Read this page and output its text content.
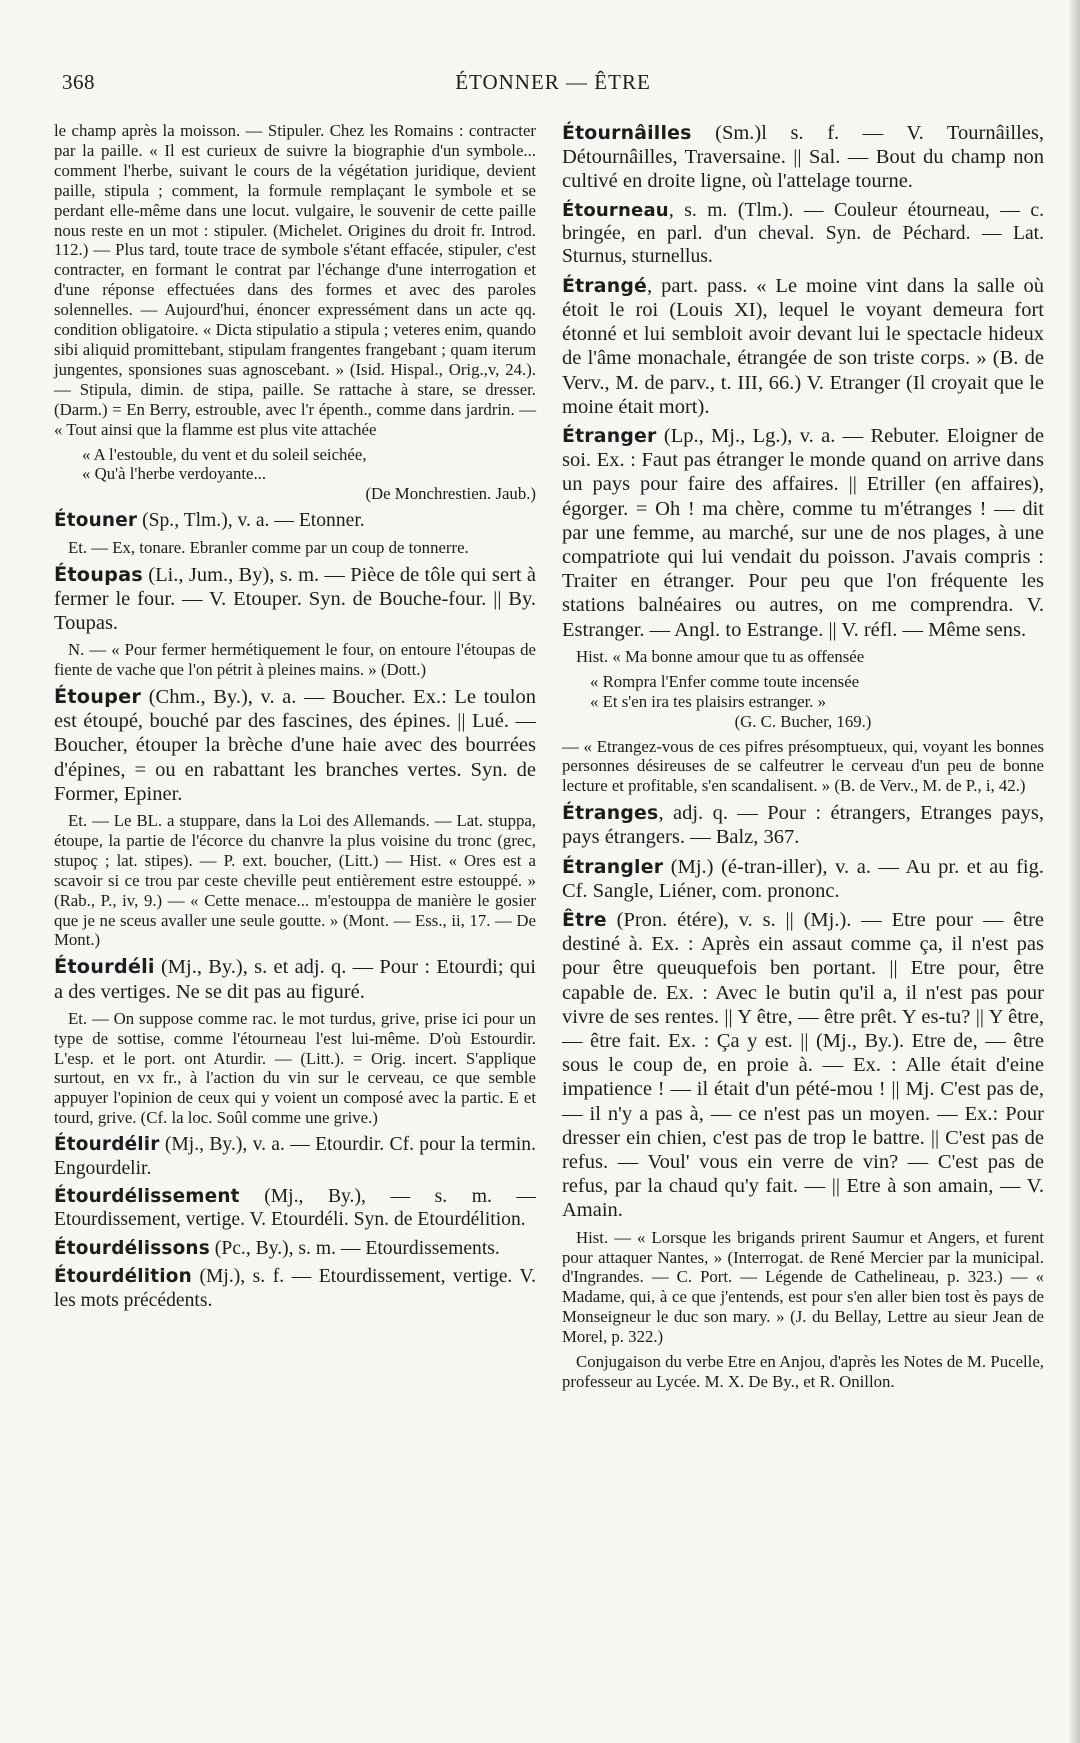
368	ÉTONNER — ÊTRE

le champ après la moisson. — Stipuler. Chez les Romains : contracter par la paille. « Il est curieux de suivre la biographie d'un symbole... comment l'herbe, suivant le cours de la végétation juridique, devient paille, stipula ; comment, la formule remplaçant le symbole et se perdant elle-même dans une locut. vulgaire, le souvenir de cette paille nous reste en un mot : stipuler. (Michelet. Origines du droit fr. Introd. 112.) — Plus tard, toute trace de symbole s'étant effacée, stipuler, c'est contracter, en formant le contrat par l'échange d'une interrogation et d'une réponse effectuées dans des formes et avec des paroles solennelles. — Aujourd'hui, énoncer expressément dans un acte qq. condition obligatoire. « Dicta stipulatio a stipula ; veteres enim, quando sibi aliquid promittebant, stipulam frangentes frangebant ; quam iterum jungentes, sponsiones suas agnoscebant. » (Isid. Hispal., Orig.,v, 24.). — Stipula, dimin. de stipa, paille. Se rattache à stare, se dresser. (Darm.) = En Berry, estrouble, avec l'r épenth., comme dans jardrin. — « Tout ainsi que la flamme est plus vite attachée

« A l'estouble, du vent et du soleil seichée,

« Qu'à l'herbe verdoyante...

(De Monchrestien. Jaub.)

Étouner (Sp., Tlm.), v. a. — Etonner.

Et. — Ex, tonare. Ebranler comme par un coup de tonnerre.

Étoupas (Li., Jum., By), s. m. — Pièce de tôle qui sert à fermer le four. — V. Etouper. Syn. de Bouche-four. || By. Toupas.

N. — « Pour fermer hermétiquement le four, on entoure l'étoupas de fiente de vache que l'on pétrit à pleines mains. » (Dott.)

Étouper (Chm., By.), v. a. — Boucher. Ex.: Le toulon est étoupé, bouché par des fascines, des épines. || Lué. — Boucher, étouper la brèche d'une haie avec des bourrées d'épines, = ou en rabattant les branches vertes. Syn. de Former, Epiner.

Et. — Le BL. a stuppare, dans la Loi des Allemands. — Lat. stuppa, étoupe, la partie de l'écorce du chanvre la plus voisine du tronc (grec, stupoç ; lat. stipes). — P. ext. boucher, (Litt.) — Hist. « Ores est a scavoir si ce trou par ceste cheville peut entièrement estre estouppé. » (Rab., P., iv, 9.) — « Cette menace... m'estouppa de manière le gosier que je ne sceus avaller une seule goutte. » (Mont. — Ess., ii, 17. — De Mont.)

Étourdéli (Mj., By.), s. et adj. q. — Pour : Etourdi; qui a des vertiges. Ne se dit pas au figuré.

Et. — On suppose comme rac. le mot turdus, grive, prise ici pour un type de sottise, comme l'étourneau l'est lui-même. D'où Estourdir. L'esp. et le port. ont Aturdir. — (Litt.). = Orig. incert. S'applique surtout, en vx fr., à l'action du vin sur le cerveau, ce que semble appuyer l'opinion de ceux qui y voient un composé avec la partic. E et tourd, grive. (Cf. la loc. Soûl comme une grive.)

Étourdélir (Mj., By.), v. a. — Etourdir. Cf. pour la termin. Engourdelir.

Étourdélissement (Mj., By.), — s. m. — Etourdissement, vertige. V. Etourdéli. Syn. de Etourdélition.

Étourdélissons (Pc., By.), s. m. — Etourdissements.

Étourdélition (Mj.), s. f. — Etourdissement, vertige. V. les mots précédents.

Étournâilles (Sm.)l s. f. — V. Tournâilles, Détournâilles, Traversaine. || Sal. — Bout du champ non cultivé en droite ligne, où l'attelage tourne.

Étourneau, s. m. (Tlm.). — Couleur étourneau, — c. bringée, en parl. d'un cheval. Syn. de Péchard. — Lat. Sturnus, sturnellus.

Étrangé, part. pass. « Le moine vint dans la salle où étoit le roi (Louis XI), lequel le voyant demeura fort étonné et lui sembloit avoir devant lui le spectacle hideux de l'âme monachale, étrangée de son triste corps. » (B. de Verv., M. de parv., t. III, 66.) V. Etranger (Il croyait que le moine était mort).

Étranger (Lp., Mj., Lg.), v. a. — Rebuter. Eloigner de soi. Ex. : Faut pas étranger le monde quand on arrive dans un pays pour faire des affaires. || Etriller (en affaires), égorger. = Oh ! ma chère, comme tu m'étranges ! — dit par une femme, au marché, sur une de nos plages, à une compatriote qui lui vendait du poisson. J'avais compris : Traiter en étranger. Pour peu que l'on fréquente les stations balnéaires ou autres, on me comprendra. V. Estranger. — Angl. to Estrange. || V. réfl. — Même sens.

Hist. « Ma bonne amour que tu as offensée

« Rompra l'Enfer comme toute incensée

« Et s'en ira tes plaisirs estranger. »

(G. C. Bucher, 169.)

— « Etrangez-vous de ces pifres présomptueux, qui, voyant les bonnes personnes désireuses de se calfeutrer le cerveau d'un peu de bonne lecture et profitable, s'en scandalisent. » (B. de Verv., M. de P., i, 42.)

Étranges, adj. q. — Pour : étrangers, Etranges pays, pays étrangers. — Balz, 367.

Étrangler (Mj.) (é-tran-iller), v. a. — Au pr. et au fig. Cf. Sangle, Liéner, com. prononc.

Être (Pron. étére), v. s. || (Mj.). — Etre pour — être destiné à. Ex. : Après ein assaut comme ça, il n'est pas pour être queuquefois ben portant. || Etre pour, être capable de. Ex. : Avec le butin qu'il a, il n'est pas pour vivre de ses rentes. || Y être, — être prêt. Y es-tu? || Y être, — être fait. Ex. : Ça y est. || (Mj., By.). Etre de, — être sous le coup de, en proie à. — Ex. : Alle était d'eine impatience ! — il était d'un pété-mou ! || Mj. C'est pas de, — il n'y a pas à, — ce n'est pas un moyen. — Ex.: Pour dresser ein chien, c'est pas de trop le battre. || C'est pas de refus. — Voul' vous ein verre de vin? — C'est pas de refus, par la chaud qu'y fait. — || Etre à son amain, — V. Amain.

Hist. — « Lorsque les brigands prirent Saumur et Angers, et furent pour attaquer Nantes, » (Interrogat. de René Mercier par la municipal. d'Ingrandes. — C. Port. — Légende de Cathelineau, p. 323.) — « Madame, qui, à ce que j'entends, est pour s'en aller bien tost ès pays de Monseigneur le duc son mary. » (J. du Bellay, Lettre au sieur Jean de Morel, p. 322.)

Conjugaison du verbe Etre en Anjou, d'après les Notes de M. Pucelle, professeur au Lycée. M. X. De By., et R. Onillon.
